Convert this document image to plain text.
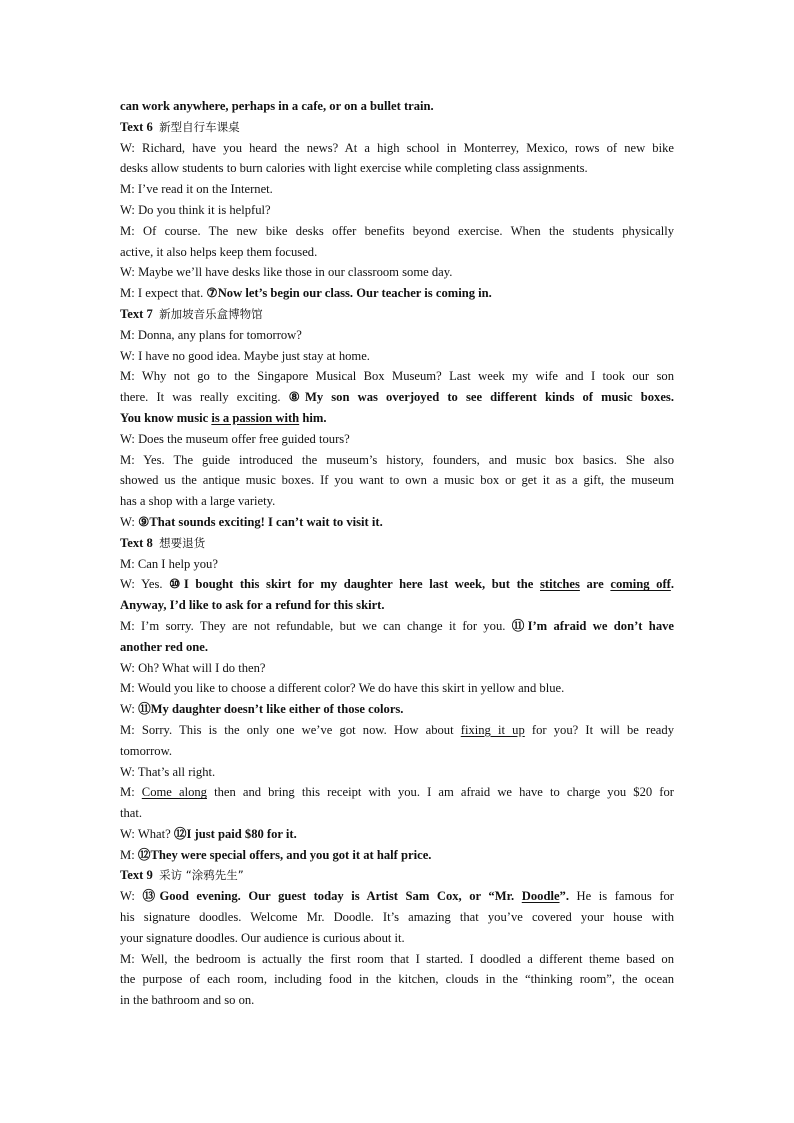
can work anywhere, perhaps in a cafe, or on a bullet train.
Text 6 新型自行车课桌
W: Richard, have you heard the news? At a high school in Monterrey, Mexico, rows of new bike
desks allow students to burn calories with light exercise while completing class assignments.
M: I’ve read it on the Internet.
W: Do you think it is helpful?
M: Of course. The new bike desks offer benefits beyond exercise. When the students physically
active, it also helps keep them focused.
W: Maybe we’ll have desks like those in our classroom some day.
M: I expect that. ⑦Now let’s begin our class. Our teacher is coming in.
Text 7 新加坡音乐盒博物馆
M: Donna, any plans for tomorrow?
W: I have no good idea. Maybe just stay at home.
M: Why not go to the Singapore Musical Box Museum? Last week my wife and I took our son
there. It was really exciting. ⑧My son was overjoyed to see different kinds of music boxes.
You know music is a passion with him.
W: Does the museum offer free guided tours?
M: Yes. The guide introduced the museum’s history, founders, and music box basics. She also
showed us the antique music boxes. If you want to own a music box or get it as a gift, the museum
has a shop with a large variety.
W: ⑨That sounds exciting! I can’t wait to visit it.
Text 8 想要退货
M: Can I help you?
W: Yes. ⑩I bought this skirt for my daughter here last week, but the stitches are coming off.
Anyway, I’d like to ask for a refund for this skirt.
M: I’m sorry. They are not refundable, but we can change it for you. ⑪I’m afraid we don’t have
another red one.
W: Oh? What will I do then?
M: Would you like to choose a different color? We do have this skirt in yellow and blue.
W: ⑪My daughter doesn’t like either of those colors.
M: Sorry. This is the only one we’ve got now. How about fixing it up for you? It will be ready
tomorrow.
W: That’s all right.
M: Come along then and bring this receipt with you. I am afraid we have to charge you $20 for
that.
W: What? ⑫I just paid $80 for it.
M: ⑫They were special offers, and you got it at half price.
Text 9 采访 “涂鸦先生”
W: ⑬Good evening. Our guest today is Artist Sam Cox, or “Mr. Doodle”. He is famous for
his signature doodles. Welcome Mr. Doodle. It’s amazing that you’ve covered your house with
your signature doodles. Our audience is curious about it.
M: Well, the bedroom is actually the first room that I started. I doodled a different theme based on
the purpose of each room, including food in the kitchen, clouds in the “thinking room”, the ocean
in the bathroom and so on.
